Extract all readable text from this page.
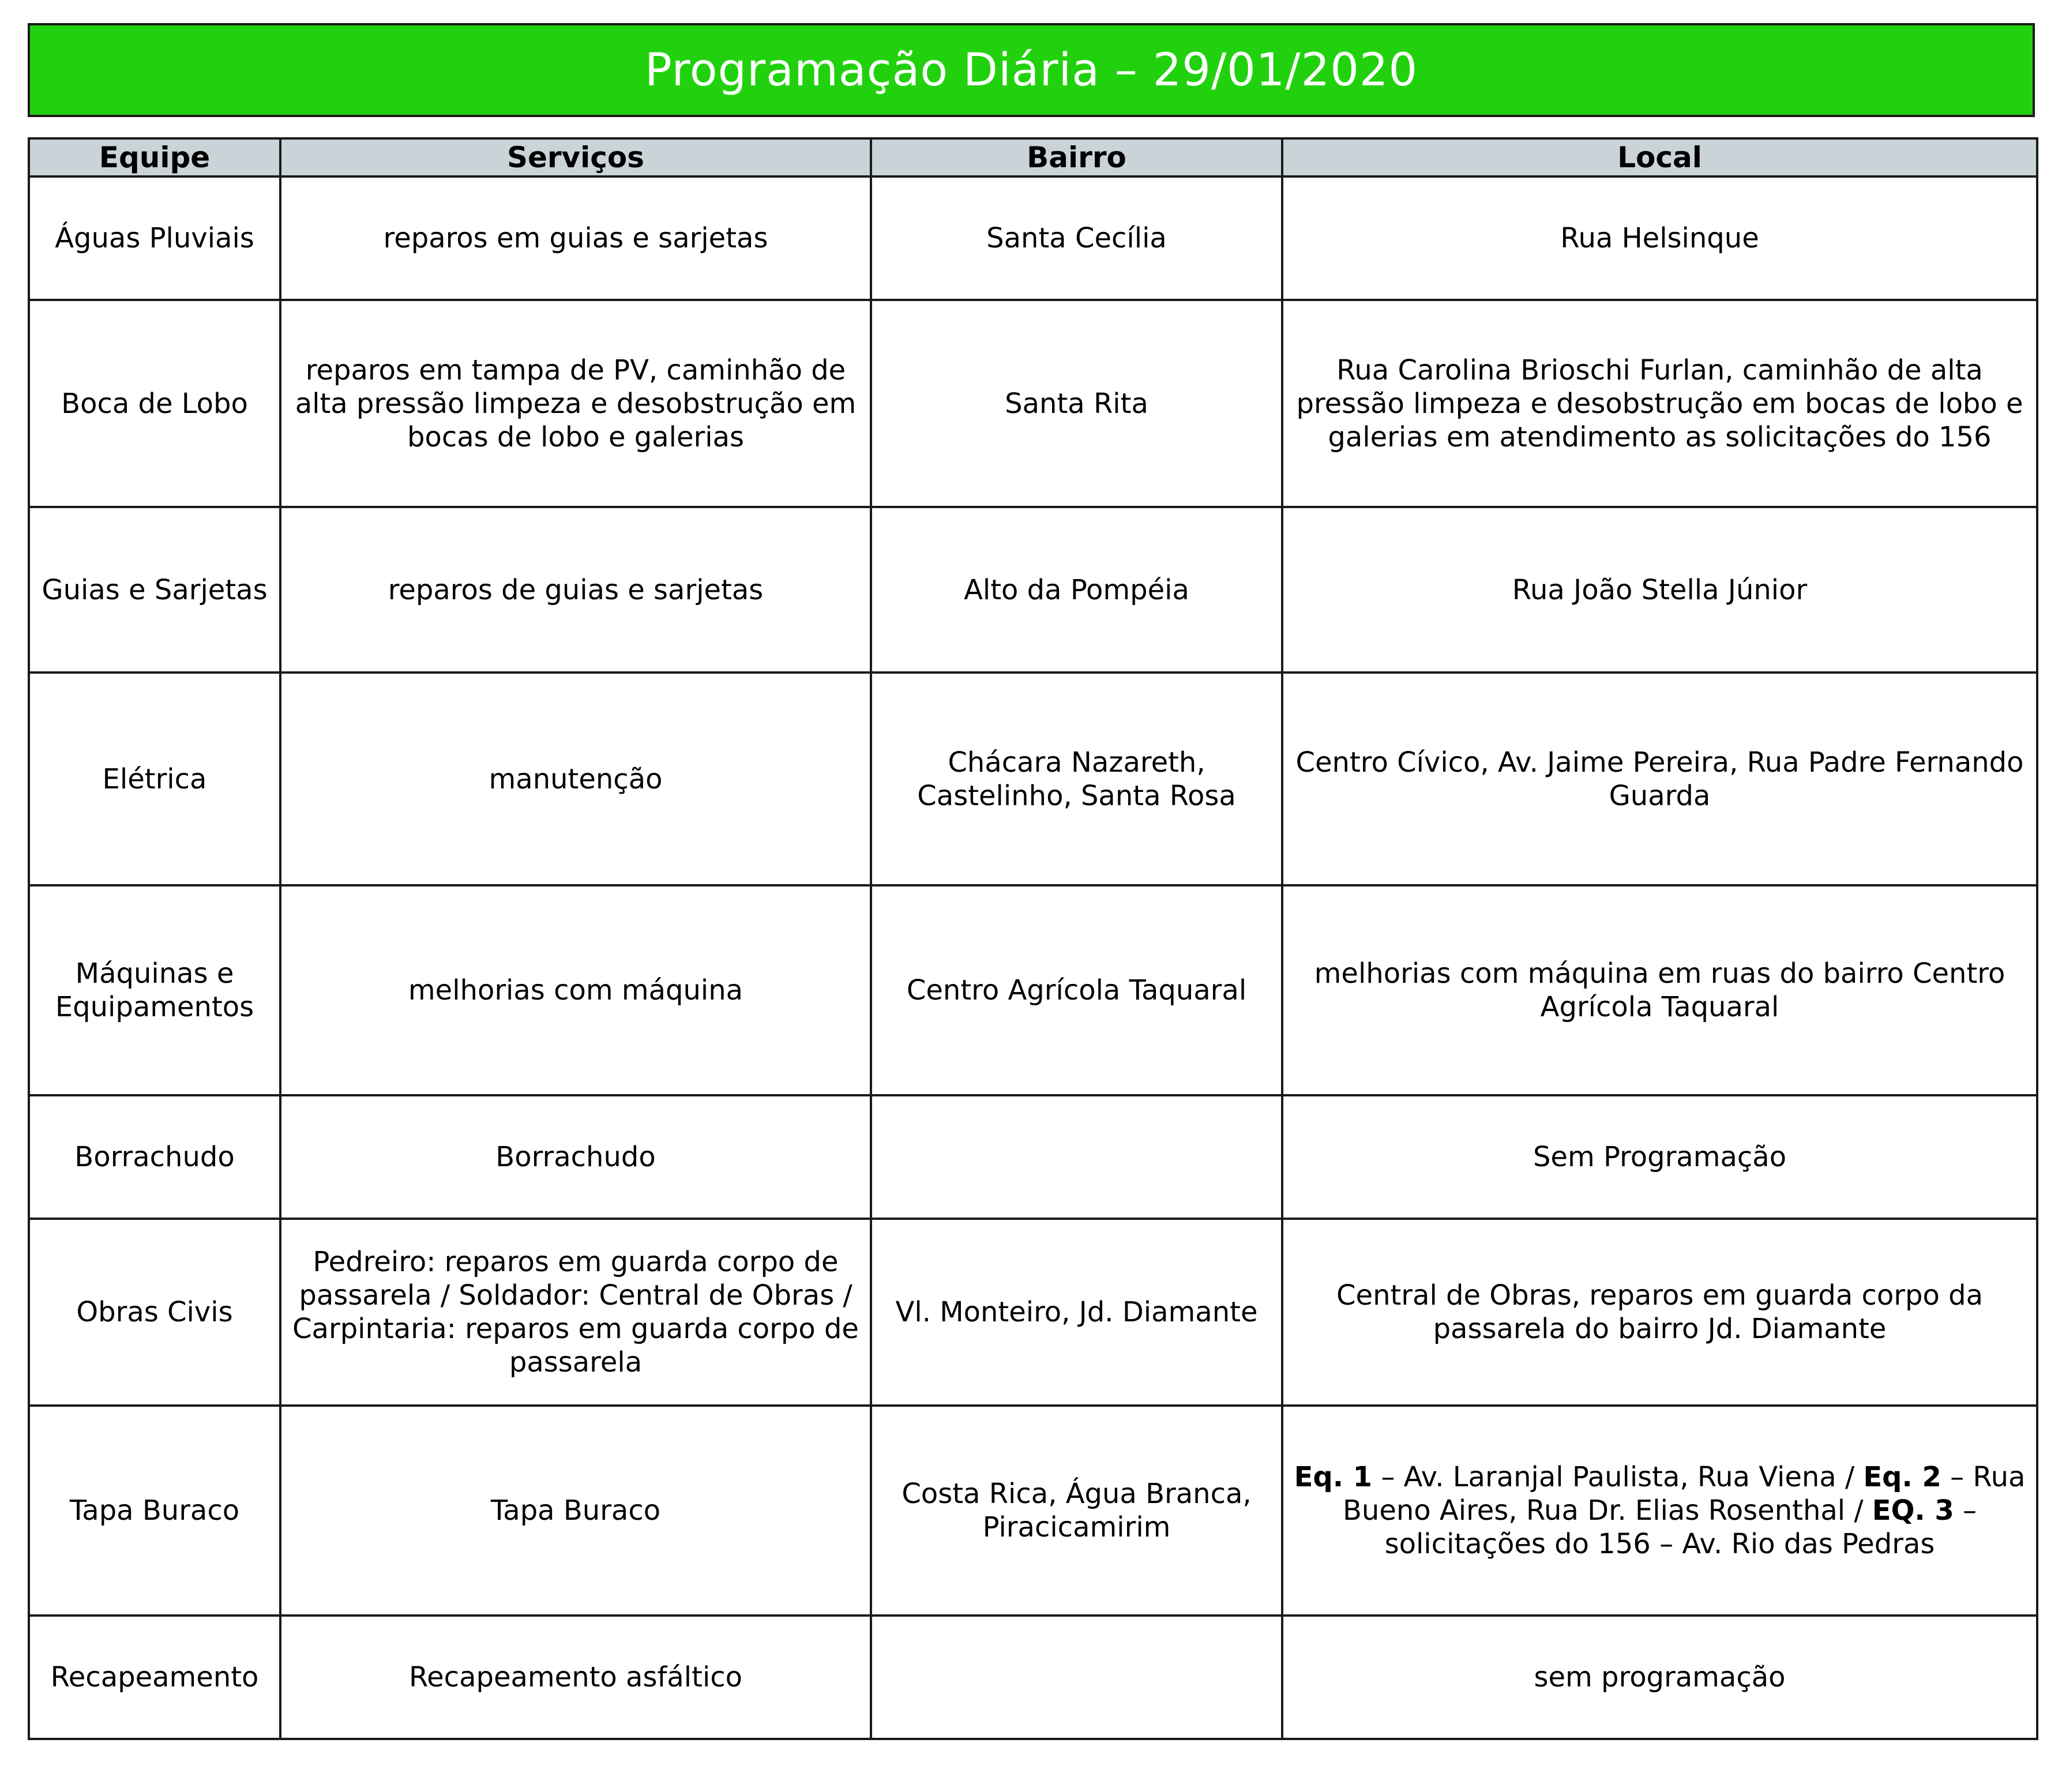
Programação Diária – 29/01/2020
Equipe	Serviços	Bairro	Local
Águas Pluviais	reparos em guias e sarjetas	Santa Cecília	Rua Helsinque
Boca de Lobo	reparos em tampa de PV, caminhão de alta pressão limpeza e desobstrução em bocas de lobo e galerias	Santa Rita	Rua Carolina Brioschi Furlan, caminhão de alta pressão limpeza e desobstrução em bocas de lobo e galerias em atendimento as solicitações do 156
Guias e Sarjetas	reparos de guias e sarjetas	Alto da Pompéia	Rua João Stella Júnior
Elétrica	manutenção	Chácara Nazareth, Castelinho, Santa Rosa	Centro Cívico, Av. Jaime Pereira, Rua Padre Fernando Guarda
Máquinas e Equipamentos	melhorias com máquina	Centro Agrícola Taquaral	melhorias com máquina em ruas do bairro Centro Agrícola Taquaral
Borrachudo	Borrachudo		Sem Programação
Obras Civis	Pedreiro: reparos em guarda corpo de passarela / Soldador: Central de Obras / Carpintaria: reparos em guarda corpo de passarela	Vl. Monteiro, Jd. Diamante	Central de Obras, reparos em guarda corpo da passarela do bairro Jd. Diamante
Tapa Buraco	Tapa Buraco	Costa Rica, Água Branca, Piracicamirim	Eq. 1 – Av. Laranjal Paulista, Rua Viena / Eq. 2 – Rua Bueno Aires, Rua Dr. Elias Rosenthal / EQ. 3 – solicitações do 156 – Av. Rio das Pedras
Recapeamento	Recapeamento asfáltico		sem programação
